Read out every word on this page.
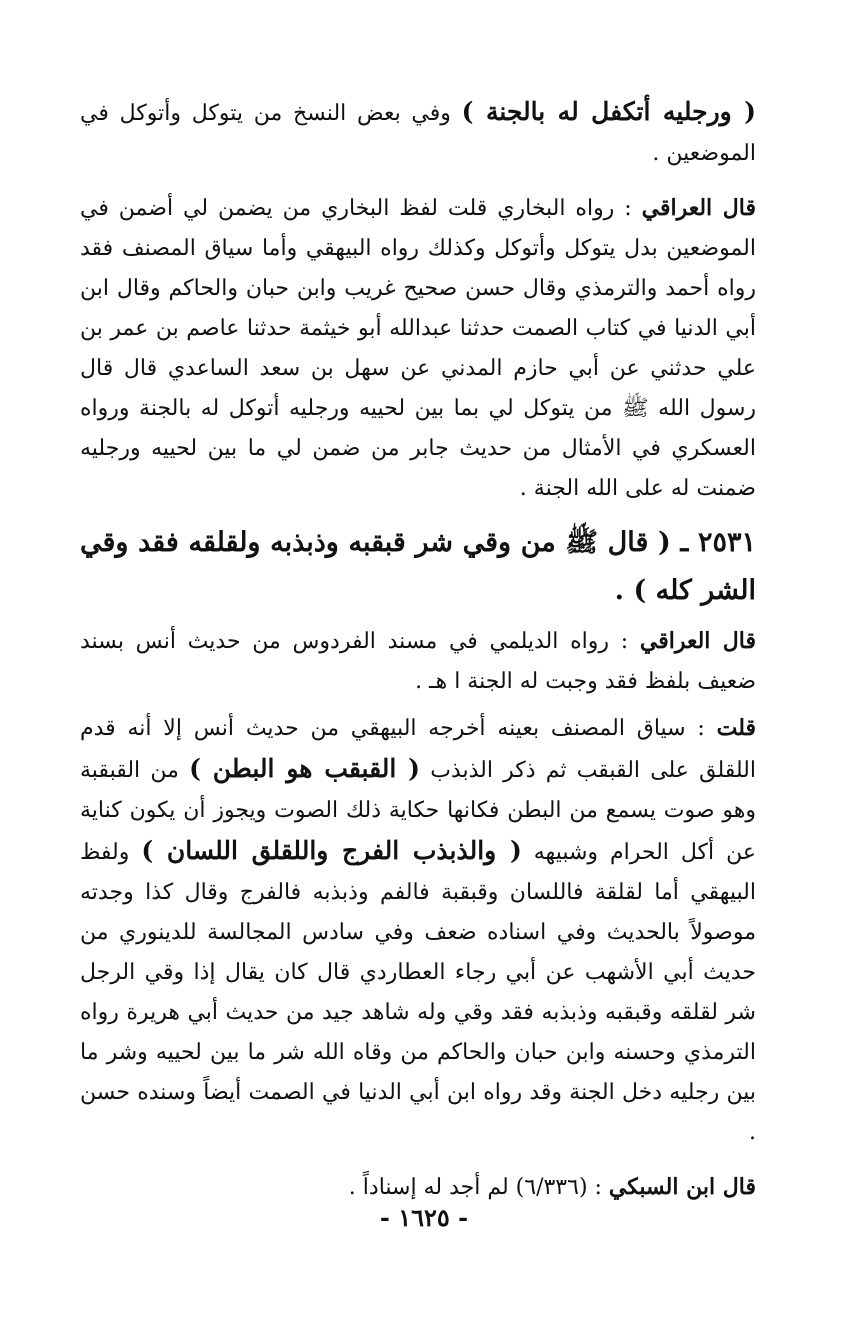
( ورجليه أتكفل له بالجنة ) وفي بعض النسخ من يتوكل وأتوكل في الموضعين .

قال العراقي : رواه البخاري قلت لفظ البخاري من يضمن لي أضمن في الموضعين بدل يتوكل وأتوكل وكذلك رواه البيهقي وأما سياق المصنف فقد رواه أحمد والترمذي وقال حسن صحيح غريب وابن حبان والحاكم وقال ابن أبي الدنيا في كتاب الصمت حدثنا عبدالله أبو خيثمة حدثنا عاصم بن عمر بن علي حدثني عن أبي حازم المدني عن سهل بن سعد الساعدي قال قال رسول الله ﷺ من يتوكل لي بما بين لحييه ورجليه أتوكل له بالجنة ورواه العسكري في الأمثال من حديث جابر من ضمن لي ما بين لحييه ورجليه ضمنت له على الله الجنة .

٢٥٣١ ـ ( قال ﷺ من وقي شر قبقبه وذبذبه ولقلقه فقد وقي الشر كله ) .

قال العراقي : رواه الديلمي في مسند الفردوس من حديث أنس بسند ضعيف بلفظ فقد وجبت له الجنة ا هـ .

قلت : سياق المصنف بعينه أخرجه البيهقي من حديث أنس إلا أنه قدم اللقلق على القبقب ثم ذكر الذبذب ( القبقب هو البطن ) من القبقبة وهو صوت يسمع من البطن فكانها حكاية ذلك الصوت ويجوز أن يكون كناية عن أكل الحرام وشبيهه ( والذبذب الفرج واللقلق اللسان ) ولفظ البيهقي أما لقلقة فاللسان وقبقبة فالفم وذبذبه فالفرج وقال كذا وجدته موصولاً بالحديث وفي اسناده ضعف وفي سادس المجالسة للدينوري من حديث أبي الأشهب عن أبي رجاء العطاردي قال كان يقال إذا وقي الرجل شر لقلقه وقبقبه وذبذبه فقد وقي وله شاهد جيد من حديث أبي هريرة رواه الترمذي وحسنه وابن حبان والحاكم من وقاه الله شر ما بين لحييه وشر ما بين رجليه دخل الجنة وقد رواه ابن أبي الدنيا في الصمت أيضاً وسنده حسن .

قال ابن السبكي : (٦/٣٣٦) لم أجد له إسناداً .

- ١٦٢٥ -
